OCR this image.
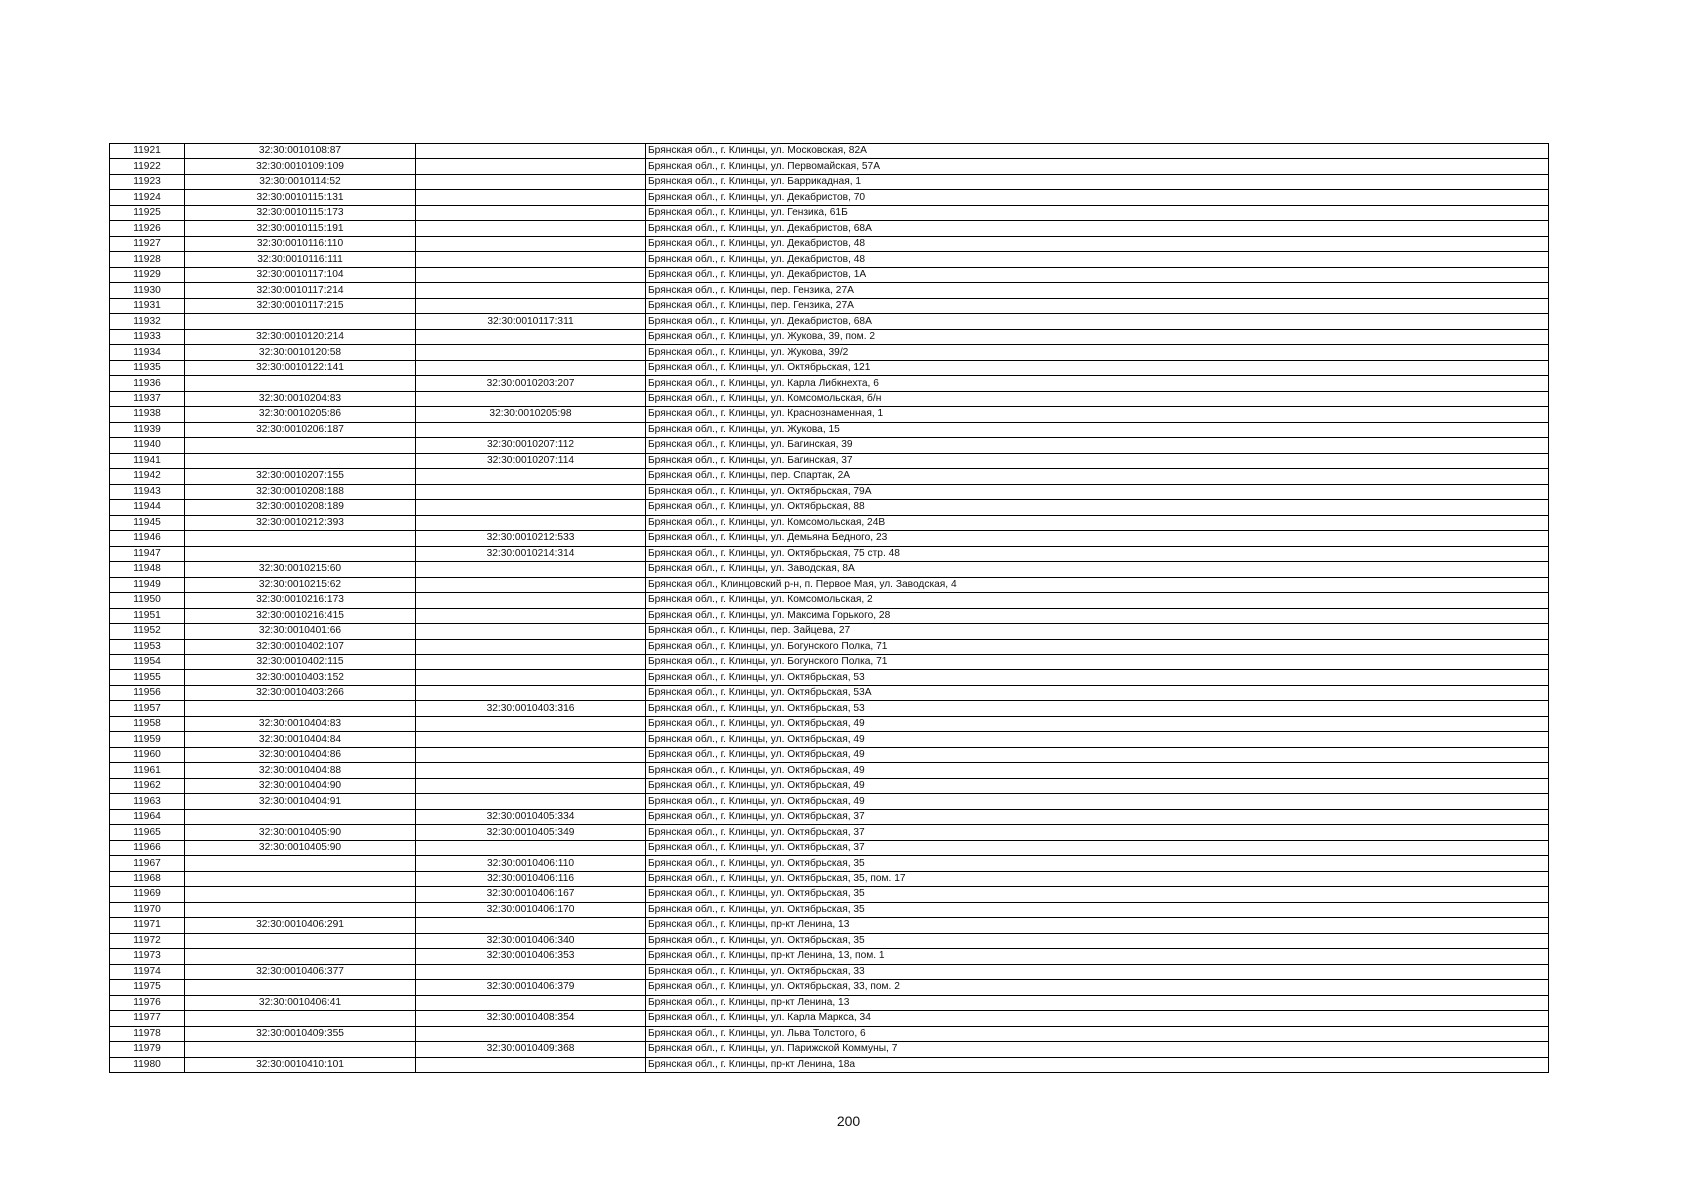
11921	32:30:0010108:87		Брянская обл., г. Клинцы, ул. Московская, 82А
11922	32:30:0010109:109		Брянская обл., г. Клинцы, ул. Первомайская, 57А
11923	32:30:0010114:52		Брянская обл., г. Клинцы, ул. Баррикадная, 1
11924	32:30:0010115:131		Брянская обл., г. Клинцы, ул. Декабристов, 70
11925	32:30:0010115:173		Брянская обл., г. Клинцы, ул. Гензика, 61Б
11926	32:30:0010115:191		Брянская обл., г. Клинцы, ул. Декабристов, 68А
11927	32:30:0010116:110		Брянская обл., г. Клинцы, ул. Декабристов, 48
11928	32:30:0010116:111		Брянская обл., г. Клинцы, ул. Декабристов, 48
11929	32:30:0010117:104		Брянская обл., г. Клинцы, ул. Декабристов, 1А
11930	32:30:0010117:214		Брянская обл., г. Клинцы, пер. Гензика, 27А
11931	32:30:0010117:215		Брянская обл., г. Клинцы, пер. Гензика, 27А
11932		32:30:0010117:311	Брянская обл., г. Клинцы, ул. Декабристов, 68А
11933	32:30:0010120:214		Брянская обл., г. Клинцы, ул. Жукова, 39, пом. 2
11934	32:30:0010120:58		Брянская обл., г. Клинцы, ул. Жукова, 39/2
11935	32:30:0010122:141		Брянская обл., г. Клинцы, ул. Октябрьская, 121
11936		32:30:0010203:207	Брянская обл., г. Клинцы, ул. Карла Либкнехта, 6
11937	32:30:0010204:83		Брянская обл., г. Клинцы, ул. Комсомольская, б/н
11938	32:30:0010205:86	32:30:0010205:98	Брянская обл., г. Клинцы, ул. Краснознаменная, 1
11939	32:30:0010206:187		Брянская обл., г. Клинцы, ул. Жукова, 15
11940		32:30:0010207:112	Брянская обл., г. Клинцы, ул. Багинская, 39
11941		32:30:0010207:114	Брянская обл., г. Клинцы, ул. Багинская, 37
11942	32:30:0010207:155		Брянская обл., г. Клинцы, пер. Спартак, 2А
11943	32:30:0010208:188		Брянская обл., г. Клинцы, ул. Октябрьская, 79А
11944	32:30:0010208:189		Брянская обл., г. Клинцы, ул. Октябрьская, 88
11945	32:30:0010212:393		Брянская обл., г. Клинцы, ул. Комсомольская, 24В
11946		32:30:0010212:533	Брянская обл., г. Клинцы, ул. Демьяна Бедного, 23
11947		32:30:0010214:314	Брянская обл., г. Клинцы, ул. Октябрьская, 75 стр. 48
11948	32:30:0010215:60		Брянская обл., г. Клинцы, ул. Заводская, 8А
11949	32:30:0010215:62		Брянская обл., Клинцовский р-н, п. Первое Мая, ул. Заводская, 4
11950	32:30:0010216:173		Брянская обл., г. Клинцы, ул. Комсомольская, 2
11951	32:30:0010216:415		Брянская обл., г. Клинцы, ул. Максима Горького, 28
11952	32:30:0010401:66		Брянская обл., г. Клинцы, пер. Зайцева, 27
11953	32:30:0010402:107		Брянская обл., г. Клинцы, ул. Богунского Полка, 71
11954	32:30:0010402:115		Брянская обл., г. Клинцы, ул. Богунского Полка, 71
11955	32:30:0010403:152		Брянская обл., г. Клинцы, ул. Октябрьская, 53
11956	32:30:0010403:266		Брянская обл., г. Клинцы, ул. Октябрьская, 53А
11957		32:30:0010403:316	Брянская обл., г. Клинцы, ул. Октябрьская, 53
11958	32:30:0010404:83		Брянская обл., г. Клинцы, ул. Октябрьская, 49
11959	32:30:0010404:84		Брянская обл., г. Клинцы, ул. Октябрьская, 49
11960	32:30:0010404:86		Брянская обл., г. Клинцы, ул. Октябрьская, 49
11961	32:30:0010404:88		Брянская обл., г. Клинцы, ул. Октябрьская, 49
11962	32:30:0010404:90		Брянская обл., г. Клинцы, ул. Октябрьская, 49
11963	32:30:0010404:91		Брянская обл., г. Клинцы, ул. Октябрьская, 49
11964		32:30:0010405:334	Брянская обл., г. Клинцы, ул. Октябрьская, 37
11965	32:30:0010405:90	32:30:0010405:349	Брянская обл., г. Клинцы, ул. Октябрьская, 37
11966	32:30:0010405:90		Брянская обл., г. Клинцы, ул. Октябрьская, 37
11967		32:30:0010406:110	Брянская обл., г. Клинцы, ул. Октябрьская, 35
11968		32:30:0010406:116	Брянская обл., г. Клинцы, ул. Октябрьская, 35, пом. 17
11969		32:30:0010406:167	Брянская обл., г. Клинцы, ул. Октябрьская, 35
11970		32:30:0010406:170	Брянская обл., г. Клинцы, ул. Октябрьская, 35
11971	32:30:0010406:291		Брянская обл., г. Клинцы, пр-кт Ленина, 13
11972		32:30:0010406:340	Брянская обл., г. Клинцы, ул. Октябрьская, 35
11973		32:30:0010406:353	Брянская обл., г. Клинцы, пр-кт Ленина, 13, пом. 1
11974	32:30:0010406:377		Брянская обл., г. Клинцы, ул. Октябрьская, 33
11975		32:30:0010406:379	Брянская обл., г. Клинцы, ул. Октябрьская, 33, пом. 2
11976	32:30:0010406:41		Брянская обл., г. Клинцы, пр-кт Ленина, 13
11977		32:30:0010408:354	Брянская обл., г. Клинцы, ул. Карла Маркса, 34
11978	32:30:0010409:355		Брянская обл., г. Клинцы, ул. Льва Толстого, 6
11979		32:30:0010409:368	Брянская обл., г. Клинцы, ул. Парижской Коммуны, 7
11980	32:30:0010410:101		Брянская обл., г. Клинцы, пр-кт Ленина, 18а
200
